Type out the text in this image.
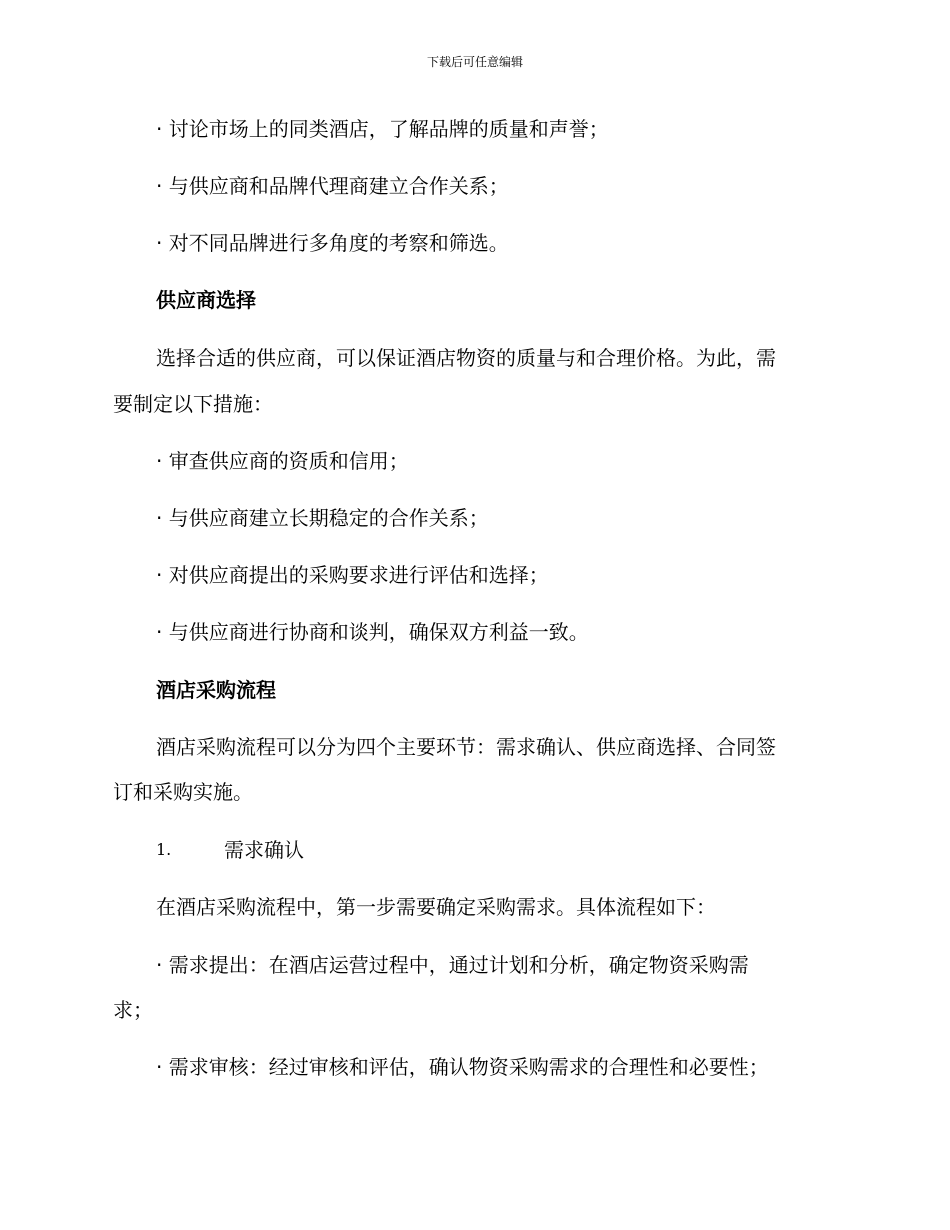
下载后可任意编辑
· 讨论市场上的同类酒店，了解品牌的质量和声誉；
· 与供应商和品牌代理商建立合作关系；
· 对不同品牌进行多角度的考察和筛选。
供应商选择
选择合适的供应商，可以保证酒店物资的质量与和合理价格。为此，需
要制定以下措施：
· 审查供应商的资质和信用；
· 与供应商建立长期稳定的合作关系；
· 对供应商提出的采购要求进行评估和选择；
· 与供应商进行协商和谈判，确保双方利益一致。
酒店采购流程
酒店采购流程可以分为四个主要环节：需求确认、供应商选择、合同签
订和采购实施。
1.	需求确认
在酒店采购流程中，第一步需要确定采购需求。具体流程如下：
· 需求提出：在酒店运营过程中，通过计划和分析，确定物资采购需
求；
· 需求审核：经过审核和评估，确认物资采购需求的合理性和必要性；
